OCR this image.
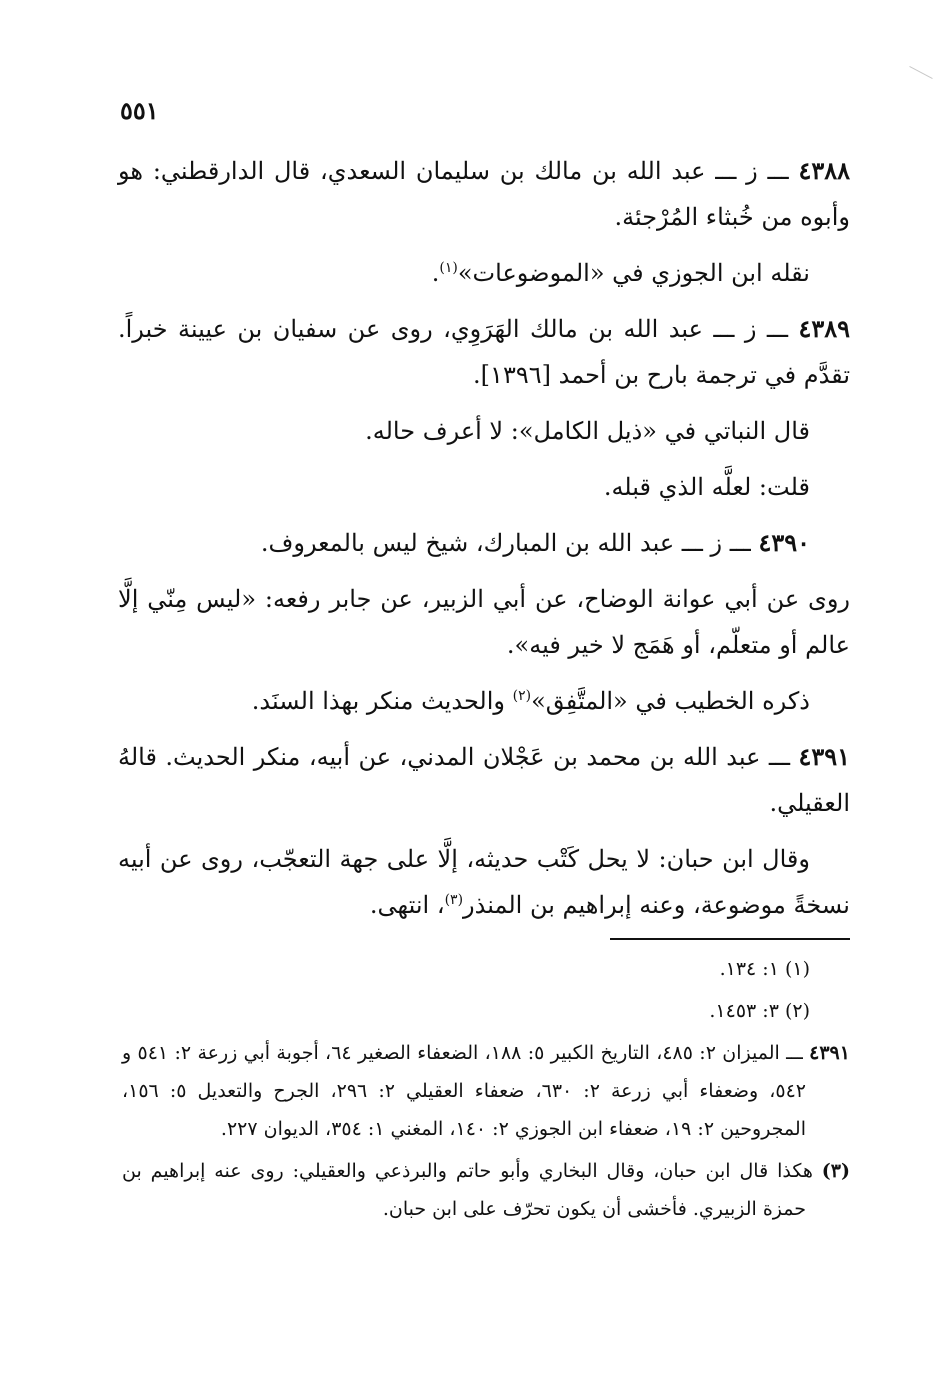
٥٥١

٤٣٨٨ ـــ ز ـــ عبد الله بن مالك بن سليمان السعدي، قال الدارقطني: هو وأبوه من خُبثاء المُرْجئة.

نقله ابن الجوزي في «الموضوعات»$^{(١)}$.

٤٣٨٩ ـــ ز ـــ عبد الله بن مالك الهَرَوِي، روى عن سفيان بن عيينة خبراً. تقدَّم في ترجمة بارح بن أحمد [١٣٩٦].

قال النباتي في «ذيل الكامل»: لا أعرف حاله.

قلت: لعلَّه الذي قبله.

٤٣٩٠ ـــ ز ـــ عبد الله بن المبارك، شيخ ليس بالمعروف.

روى عن أبي عوانة الوضاح، عن أبي الزبير، عن جابر رفعه: «ليس مِنّي إلَّا عالم أو متعلّم، أو هَمَج لا خير فيه».

ذكره الخطيب في «المتَّفِق»$^{(٢)}$ والحديث منكر بهذا السنَد.

٤٣٩١ ـــ عبد الله بن محمد بن عَجْلان المدني، عن أبيه، منكر الحديث. قالهُ العقيلي.

وقال ابن حبان: لا يحل كَتْب حديثه، إلَّا على جهة التعجّب، روى عن أبيه نسخةً موضوعة، وعنه إبراهيم بن المنذر$^{(٣)}$، انتهى.

(١) ١: ١٣٤.

(٢) ٣: ١٤٥٣.

٤٣٩١ ـــ الميزان ٢: ٤٨٥، التاريخ الكبير ٥: ١٨٨، الضعفاء الصغير ٦٤، أجوبة أبي زرعة ٢: ٥٤١ و ٥٤٢، وضعفاء أبي زرعة ٢: ٦٣٠، ضعفاء العقيلي ٢: ٢٩٦، الجرح والتعديل ٥: ١٥٦، المجروحين ٢: ١٩، ضعفاء ابن الجوزي ٢: ١٤٠، المغني ١: ٣٥٤، الديوان ٢٢٧.

(٣) هكذا قال ابن حبان، وقال البخاري وأبو حاتم والبرذعي والعقيلي: روى عنه إبراهيم بن حمزة الزبيري. فأخشى أن يكون تحرّف على ابن حبان.
